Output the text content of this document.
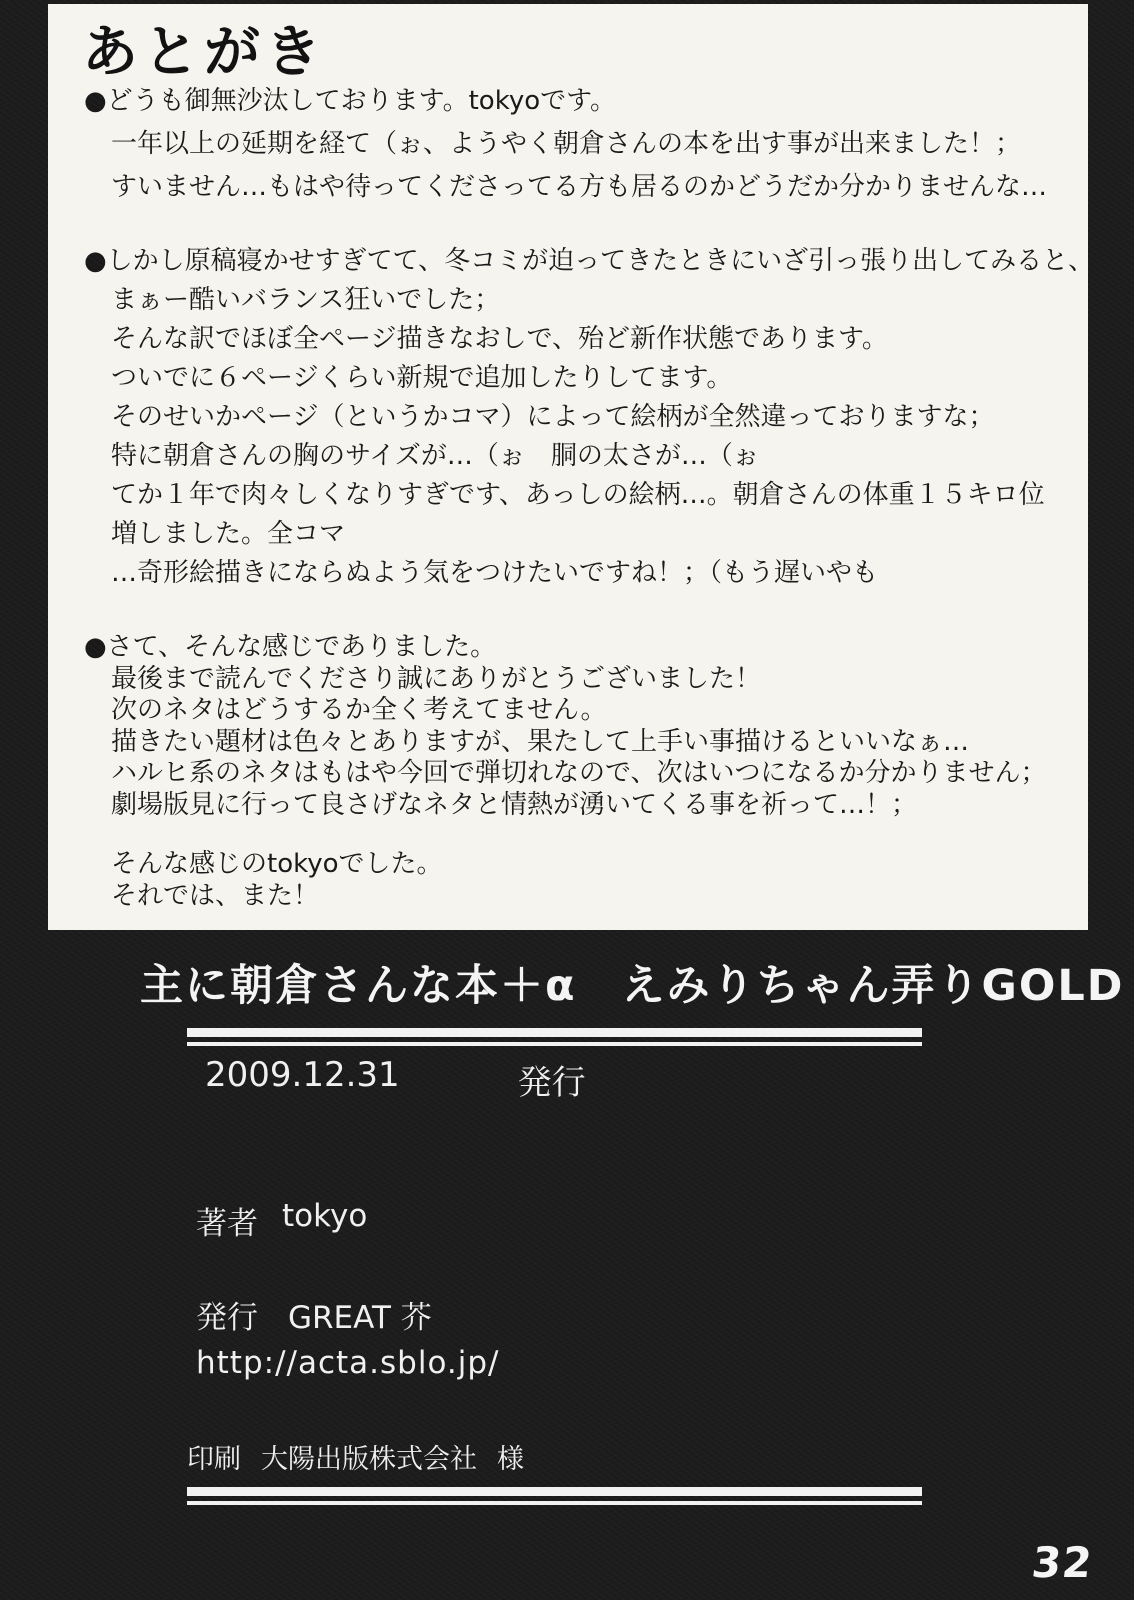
あとがき
●どうも御無沙汰しております。tokyoです。
一年以上の延期を経て（ぉ、ようやく朝倉さんの本を出す事が出来ました！；
すいません…もはや待ってくださってる方も居るのかどうだか分かりませんな…
●しかし原稿寝かせすぎてて、冬コミが迫ってきたときにいざ引っ張り出してみると、
まぁー酷いバランス狂いでした；
そんな訳でほぼ全ページ描きなおしで、殆ど新作状態であります。
ついでに６ページくらい新規で追加したりしてます。
そのせいかページ（というかコマ）によって絵柄が全然違っておりますな；
特に朝倉さんの胸のサイズが…（ぉ　胴の太さが…（ぉ
てか１年で肉々しくなりすぎです、あっしの絵柄…。朝倉さんの体重１５キロ位
増しました。全コマ
…奇形絵描きにならぬよう気をつけたいですね！；（もう遅いやも
●さて、そんな感じでありました。
最後まで読んでくださり誠にありがとうございました！
次のネタはどうするか全く考えてません。
描きたい題材は色々とありますが、果たして上手い事描けるといいなぁ…
ハルヒ系のネタはもはや今回で弾切れなので、次はいつになるか分かりません；
劇場版見に行って良さげなネタと情熱が湧いてくる事を祈って…！；
そんな感じのtokyoでした。
それでは、また！
主に朝倉さんな本＋α　えみりちゃん弄りGOLD
2009.12.31	発行
著者 tokyo
発行 GREAT 芥
http://acta.sblo.jp/
印刷 大陽出版株式会社 様
32
